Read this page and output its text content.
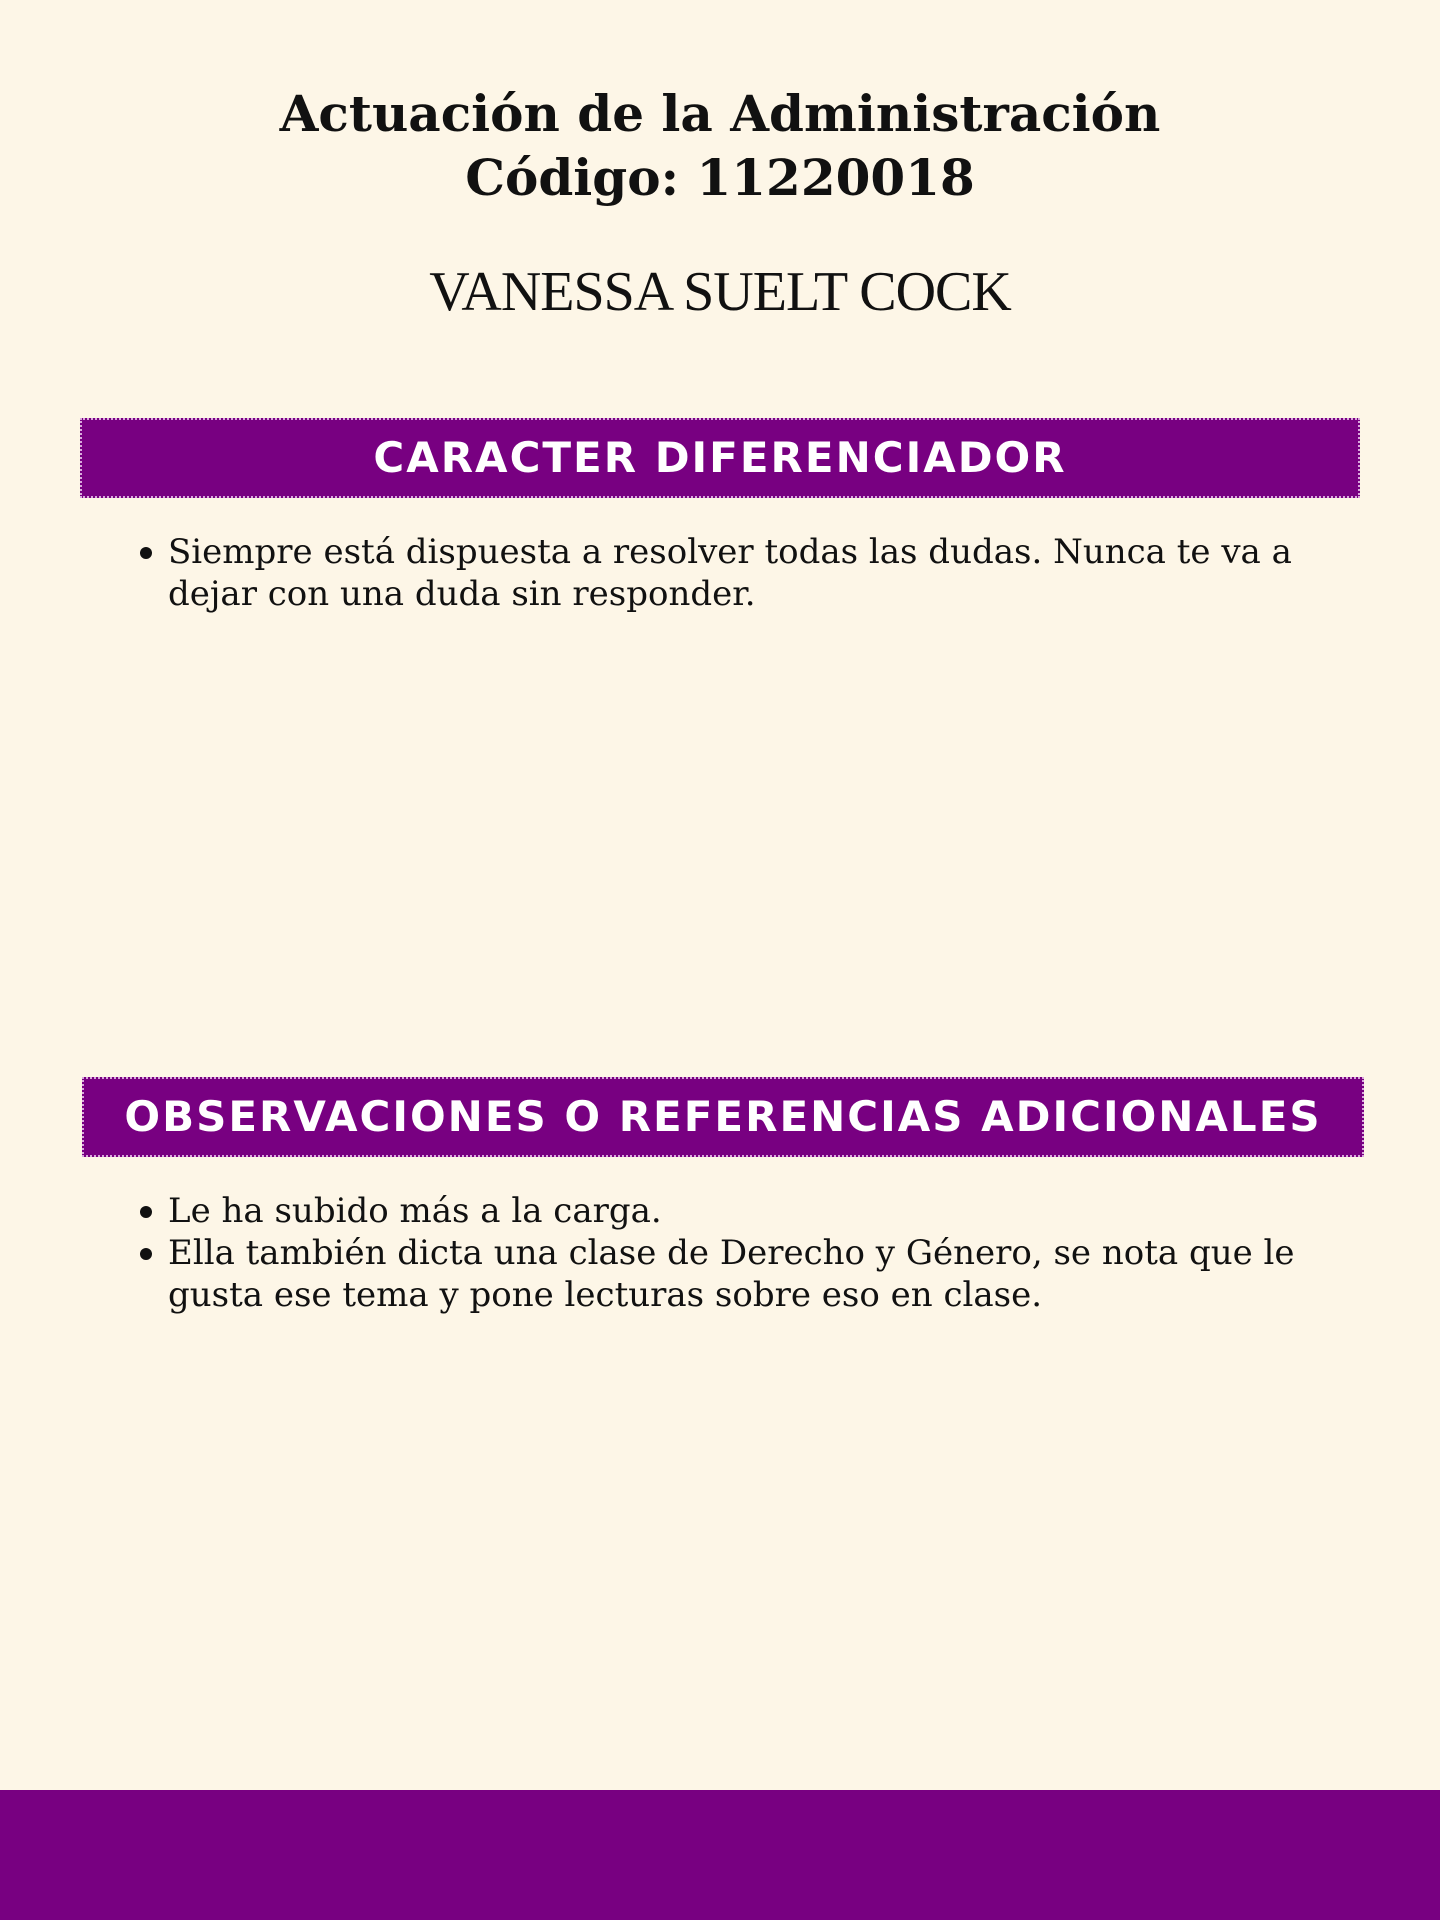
Actuación de la Administración
Código: 11220018
VANESSA SUELT COCK
CARACTER DIFERENCIADOR
Siempre está dispuesta a resolver todas las dudas. Nunca te va a dejar con una duda sin responder.
OBSERVACIONES O REFERENCIAS ADICIONALES
Le ha subido más a la carga.
Ella también dicta una clase de Derecho y Género, se nota que le gusta ese tema y pone lecturas sobre eso en clase.
